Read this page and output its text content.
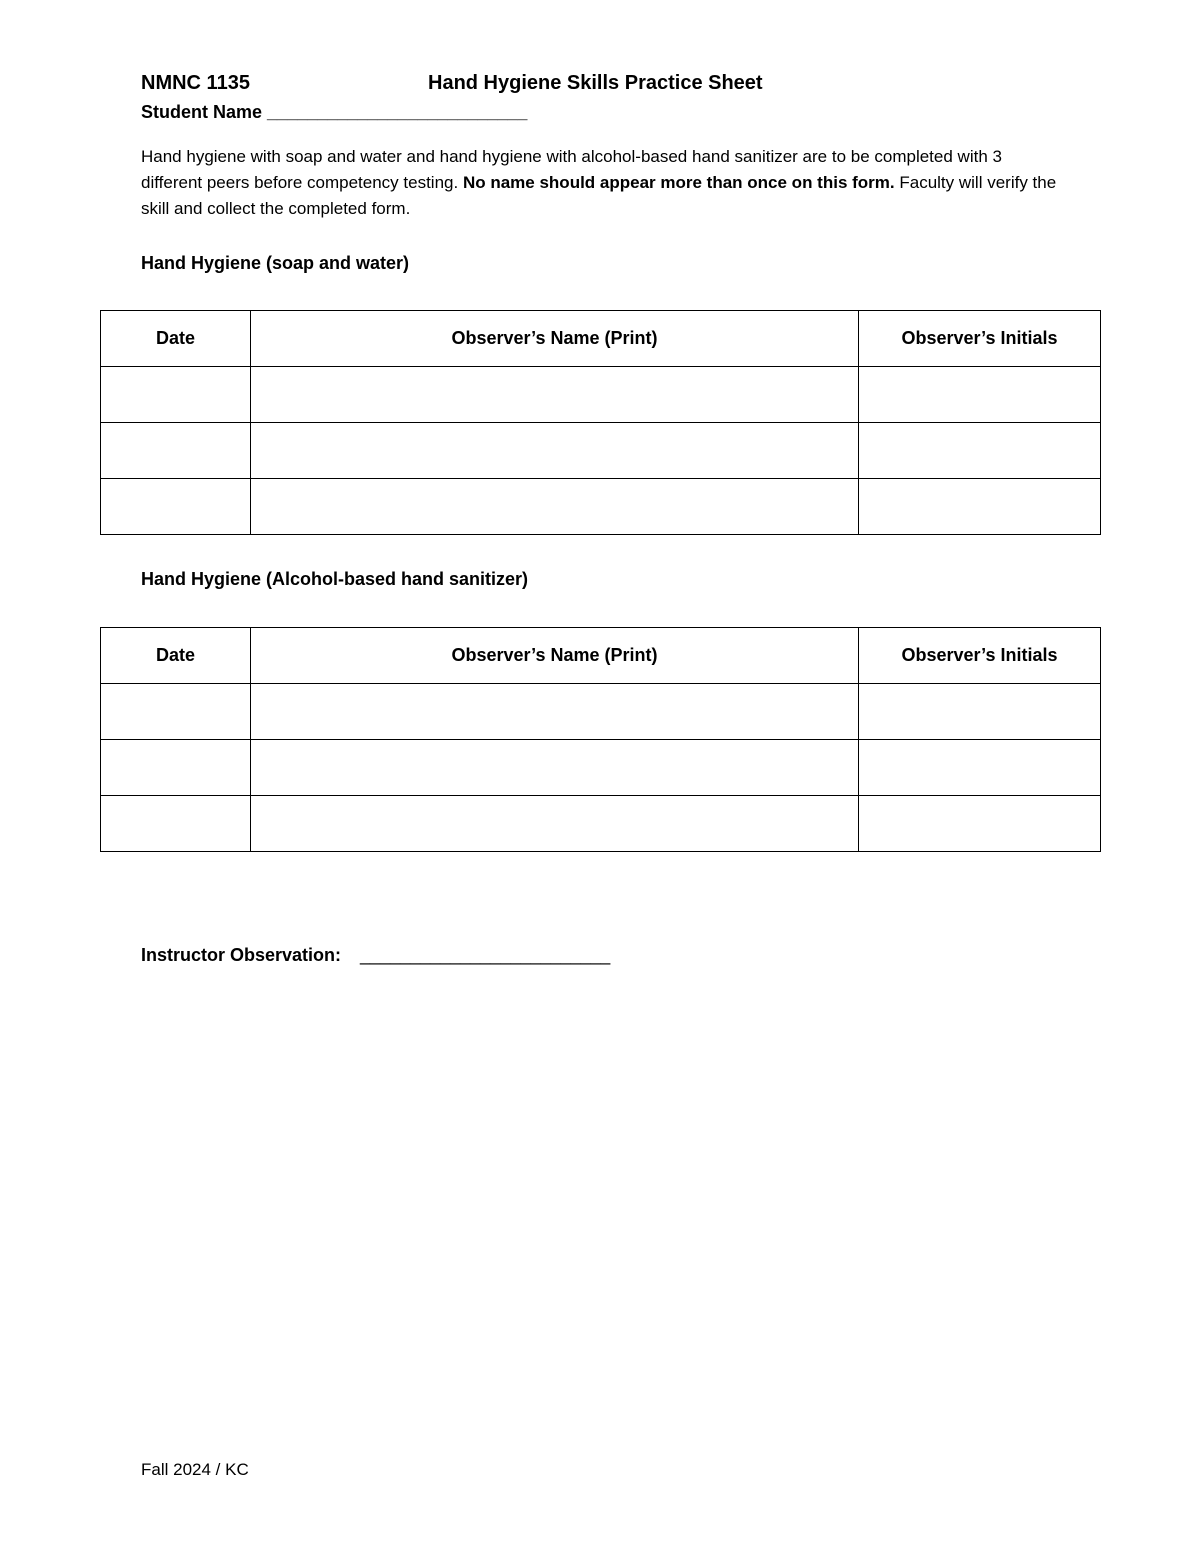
NMNC 1135	Hand Hygiene Skills Practice Sheet
Student Name __________________________
Hand hygiene with soap and water and hand hygiene with alcohol-based hand sanitizer are to be completed with 3 different peers before competency testing. No name should appear more than once on this form. Faculty will verify the skill and collect the completed form.
Hand Hygiene (soap and water)
Date	Observer’s Name (Print)	Observer’s Initials

Hand Hygiene (Alcohol-based hand sanitizer)
Date	Observer’s Name (Print)	Observer’s Initials

Instructor Observation: _________________________
Fall 2024 / KC
